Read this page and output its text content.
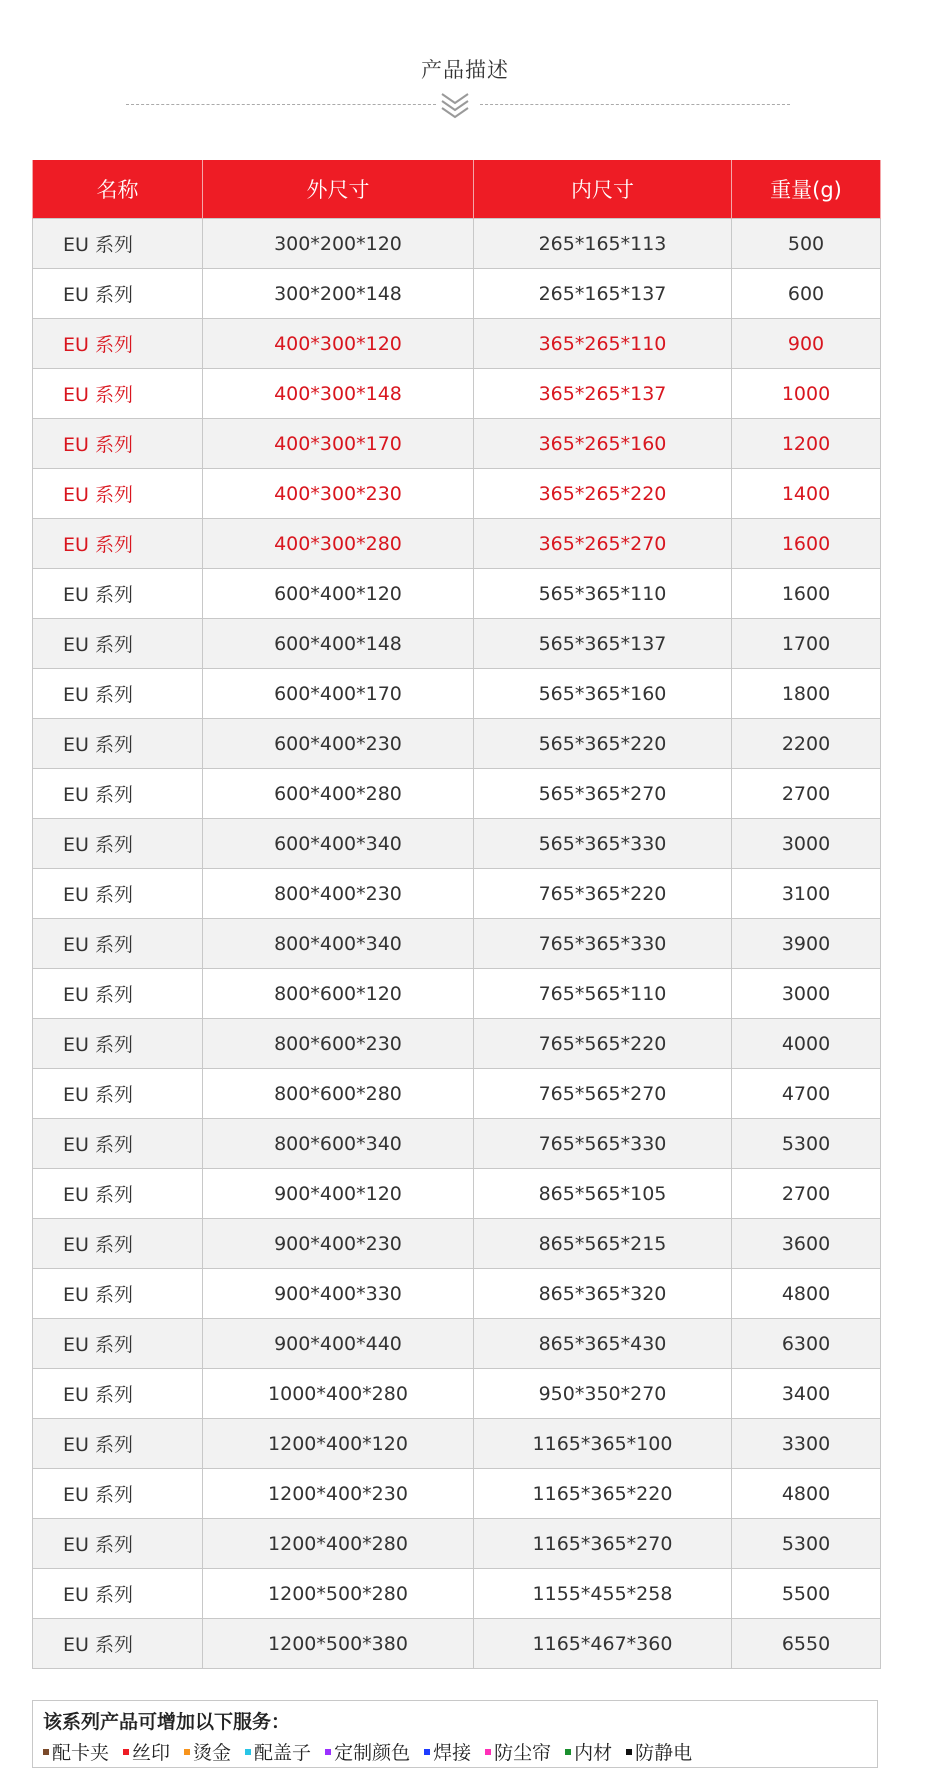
产品描述
名称	外尺寸	内尺寸	重量(g)
EU 系列	300*200*120	265*165*113	500
EU 系列	300*200*148	265*165*137	600
EU 系列	400*300*120	365*265*110	900
EU 系列	400*300*148	365*265*137	1000
EU 系列	400*300*170	365*265*160	1200
EU 系列	400*300*230	365*265*220	1400
EU 系列	400*300*280	365*265*270	1600
EU 系列	600*400*120	565*365*110	1600
EU 系列	600*400*148	565*365*137	1700
EU 系列	600*400*170	565*365*160	1800
EU 系列	600*400*230	565*365*220	2200
EU 系列	600*400*280	565*365*270	2700
EU 系列	600*400*340	565*365*330	3000
EU 系列	800*400*230	765*365*220	3100
EU 系列	800*400*340	765*365*330	3900
EU 系列	800*600*120	765*565*110	3000
EU 系列	800*600*230	765*565*220	4000
EU 系列	800*600*280	765*565*270	4700
EU 系列	800*600*340	765*565*330	5300
EU 系列	900*400*120	865*565*105	2700
EU 系列	900*400*230	865*565*215	3600
EU 系列	900*400*330	865*365*320	4800
EU 系列	900*400*440	865*365*430	6300
EU 系列	1000*400*280	950*350*270	3400
EU 系列	1200*400*120	1165*365*100	3300
EU 系列	1200*400*230	1165*365*220	4800
EU 系列	1200*400*280	1165*365*270	5300
EU 系列	1200*500*280	1155*455*258	5500
EU 系列	1200*500*380	1165*467*360	6550
该系列产品可增加以下服务：
配卡夹 丝印 烫金 配盖子 定制颜色 焊接 防尘帘 内材 防静电
